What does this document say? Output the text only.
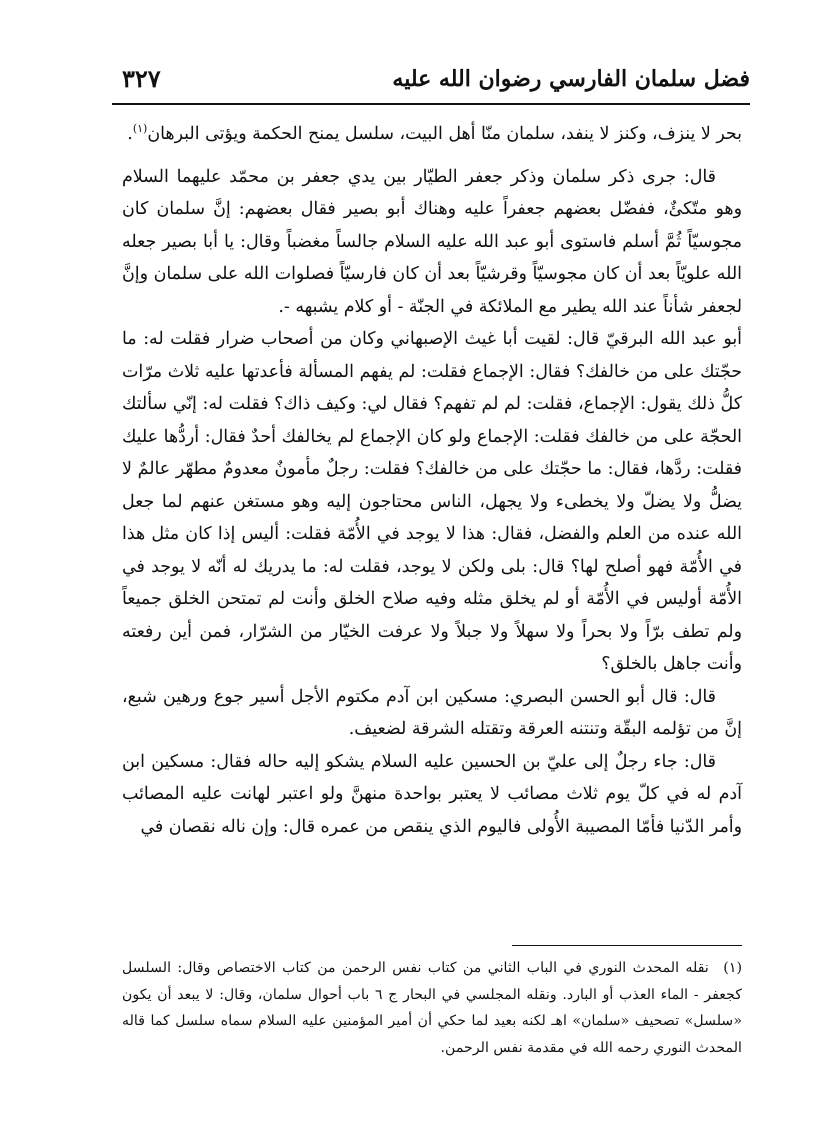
فضل سلمان الفارسي رضوان الله عليه
٣٢٧

بحر لا ينزف، وكنز لا ينفد، سلمان منّا أهل البيت، سلسل يمنح الحكمة ويؤتى البرهان$^{(١)}$.

قال: جرى ذكر سلمان وذكر جعفر الطيّار بين يدي جعفر بن محمّد عليهما السلام وهو متّكئٌ، ففضّل بعضهم جعفراً عليه وهناك أبو بصير فقال بعضهم: إنَّ سلمان كان مجوسيّاً ثُمَّ أسلم فاستوى أبو عبد الله عليه السلام جالساً مغضباً وقال: يا أبا بصير جعله الله علويّاً بعد أن كان مجوسيّاً وقرشيّاً بعد أن كان فارسيّاً فصلوات الله على سلمان وإنَّ لجعفر شأناً عند الله يطير مع الملائكة في الجنّة - أو كلام يشبهه -.

أبو عبد الله البرقيّ قال: لقيت أبا غيث الإصبهاني وكان من أصحاب ضرار فقلت له: ما حجّتك على من خالفك؟ فقال: الإجماع فقلت: لم يفهم المسألة فأعدتها عليه ثلاث مرّات كلُّ ذلك يقول: الإجماع، فقلت: لم لم تفهم؟ فقال لي: وكيف ذاك؟ فقلت له: إنّي سألتك الحجّة على من خالفك فقلت: الإجماع ولو كان الإجماع لم يخالفك أحدٌ فقال: أردُّها عليك فقلت: ردَّها، فقال: ما حجّتك على من خالفك؟ فقلت: رجلٌ مأمونٌ معدومٌ مطهّر عالمٌ لا يضلُّ ولا يضلّ ولا يخطىء ولا يجهل، الناس محتاجون إليه وهو مستغن عنهم لما جعل الله عنده من العلم والفضل، فقال: هذا لا يوجد في الأُمّة فقلت: أليس إذا كان مثل هذا في الأُمّة فهو أصلح لها؟ قال: بلى ولكن لا يوجد، فقلت له: ما يدريك له أنّه لا يوجد في الأُمّة أوليس في الأُمّة أو لم يخلق مثله وفيه صلاح الخلق وأنت لم تمتحن الخلق جميعاً ولم تطف برّاً ولا بحراً ولا سهلاً ولا جبلاً ولا عرفت الخيّار من الشرّار، فمن أين رفعته وأنت جاهل بالخلق؟

قال: قال أبو الحسن البصري: مسكين ابن آدم مكتوم الأجل أسير جوع ورهين شبع، إنَّ من تؤلمه البقّة وتنتنه العرقة وتقتله الشرقة لضعيف.

قال: جاء رجلٌ إلى عليّ بن الحسين عليه السلام يشكو إليه حاله فقال: مسكين ابن آدم له في كلّ يوم ثلاث مصائب لا يعتبر بواحدة منهنَّ ولو اعتبر لهانت عليه المصائب وأمر الدّنيا فأمّا المصيبة الأُولى فاليوم الذي ينقص من عمره قال: وإن ناله نقصان في

(١) نقله المحدث النوري في الباب الثاني من كتاب نفس الرحمن من كتاب الاختصاص وقال: السلسل كجعفر - الماء العذب أو البارد. ونقله المجلسي في البحار ج ٦ باب أحوال سلمان، وقال: لا يبعد أن يكون «سلسل» تصحيف «سلمان» اهـ لكنه بعيد لما حكي أن أمير المؤمنين عليه السلام سماه سلسل كما قاله المحدث النوري رحمه الله في مقدمة نفس الرحمن.
